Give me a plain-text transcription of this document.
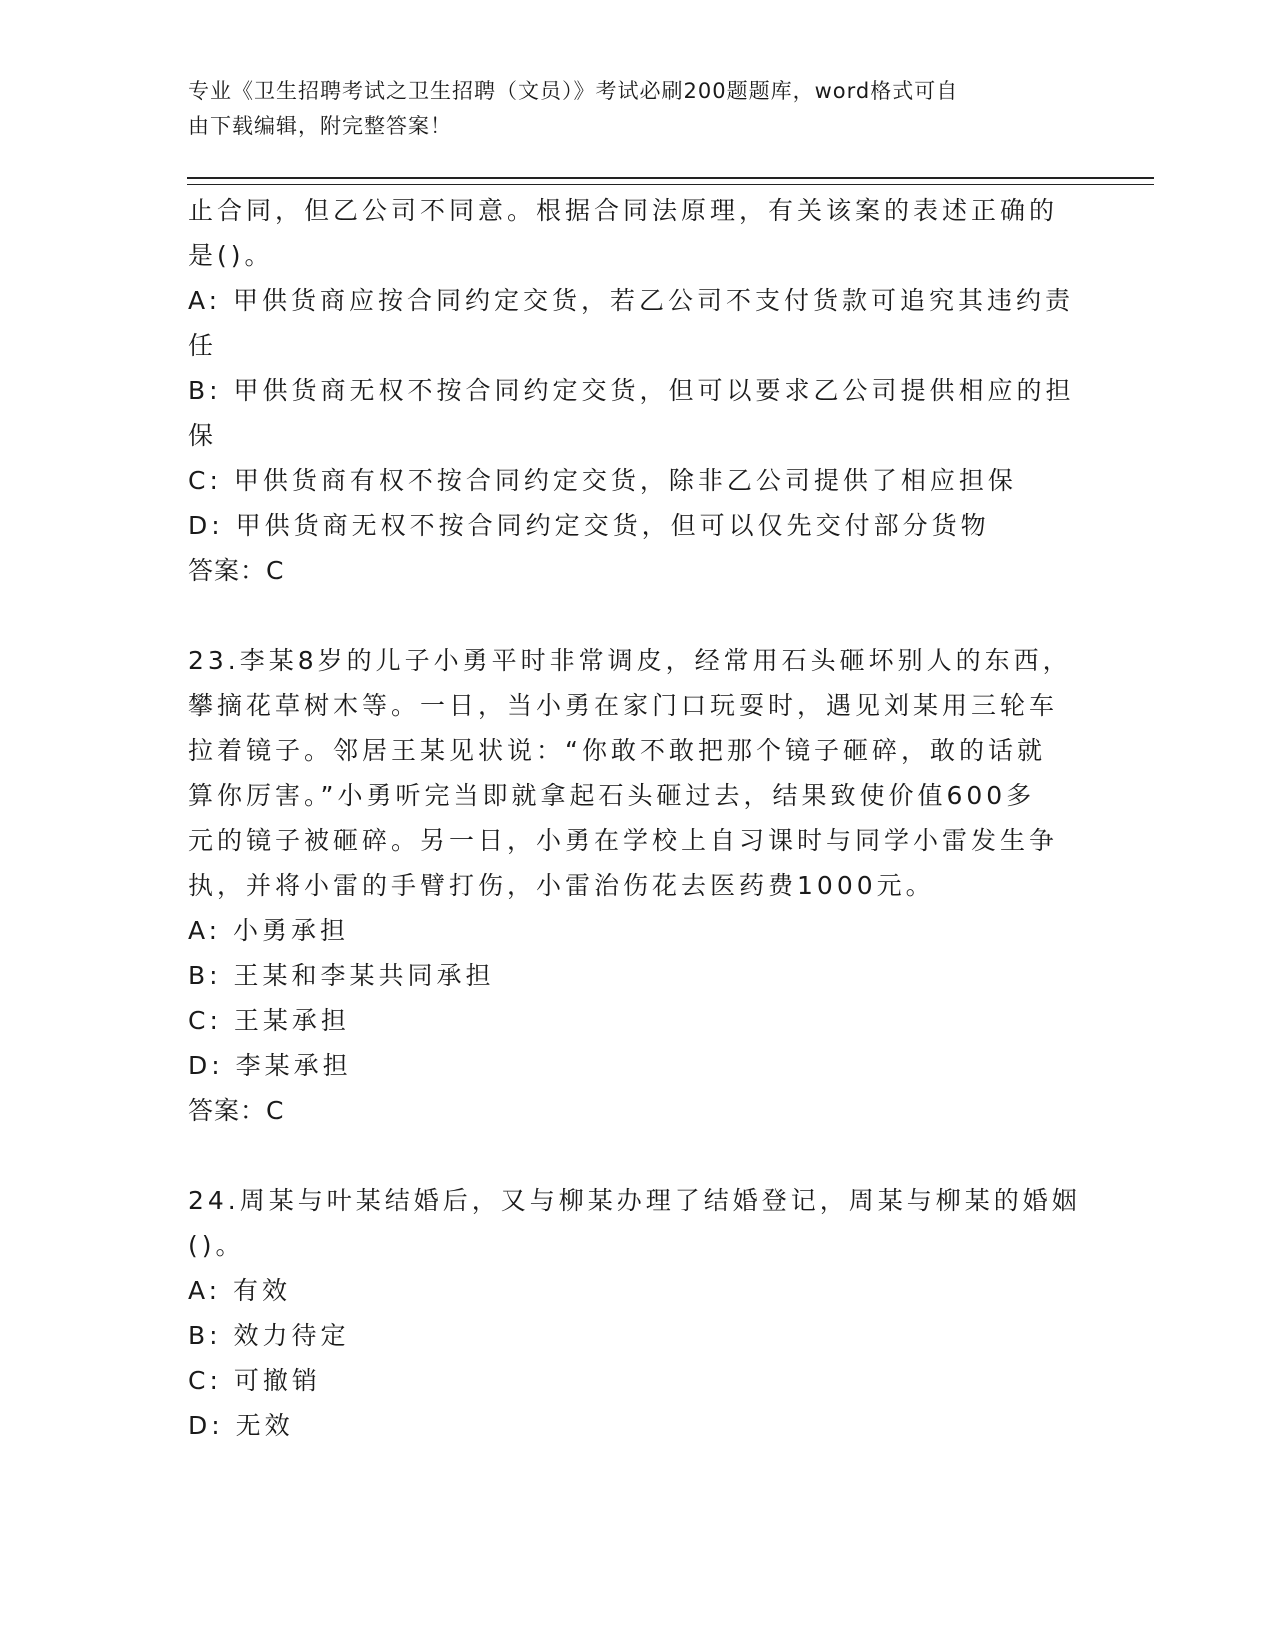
专业《卫生招聘考试之卫生招聘（文员）》考试必刷200题题库，word格式可自
由下载编辑，附完整答案！

止合同，但乙公司不同意。根据合同法原理，有关该案的表述正确的

是()。

A: 甲供货商应按合同约定交货，若乙公司不支付货款可追究其违约责

任

B: 甲供货商无权不按合同约定交货，但可以要求乙公司提供相应的担

保

C: 甲供货商有权不按合同约定交货，除非乙公司提供了相应担保

D: 甲供货商无权不按合同约定交货，但可以仅先交付部分货物

答案：C

23.李某8岁的儿子小勇平时非常调皮，经常用石头砸坏别人的东西，

攀摘花草树木等。一日，当小勇在家门口玩耍时，遇见刘某用三轮车

拉着镜子。邻居王某见状说：“你敢不敢把那个镜子砸碎，敢的话就

算你厉害。”小勇听完当即就拿起石头砸过去，结果致使价值600多

元的镜子被砸碎。另一日，小勇在学校上自习课时与同学小雷发生争

执，并将小雷的手臂打伤，小雷治伤花去医药费1000元。

A: 小勇承担

B: 王某和李某共同承担

C: 王某承担

D: 李某承担

答案：C

24.周某与叶某结婚后，又与柳某办理了结婚登记，周某与柳某的婚姻

()。

A: 有效

B: 效力待定

C: 可撤销

D: 无效
